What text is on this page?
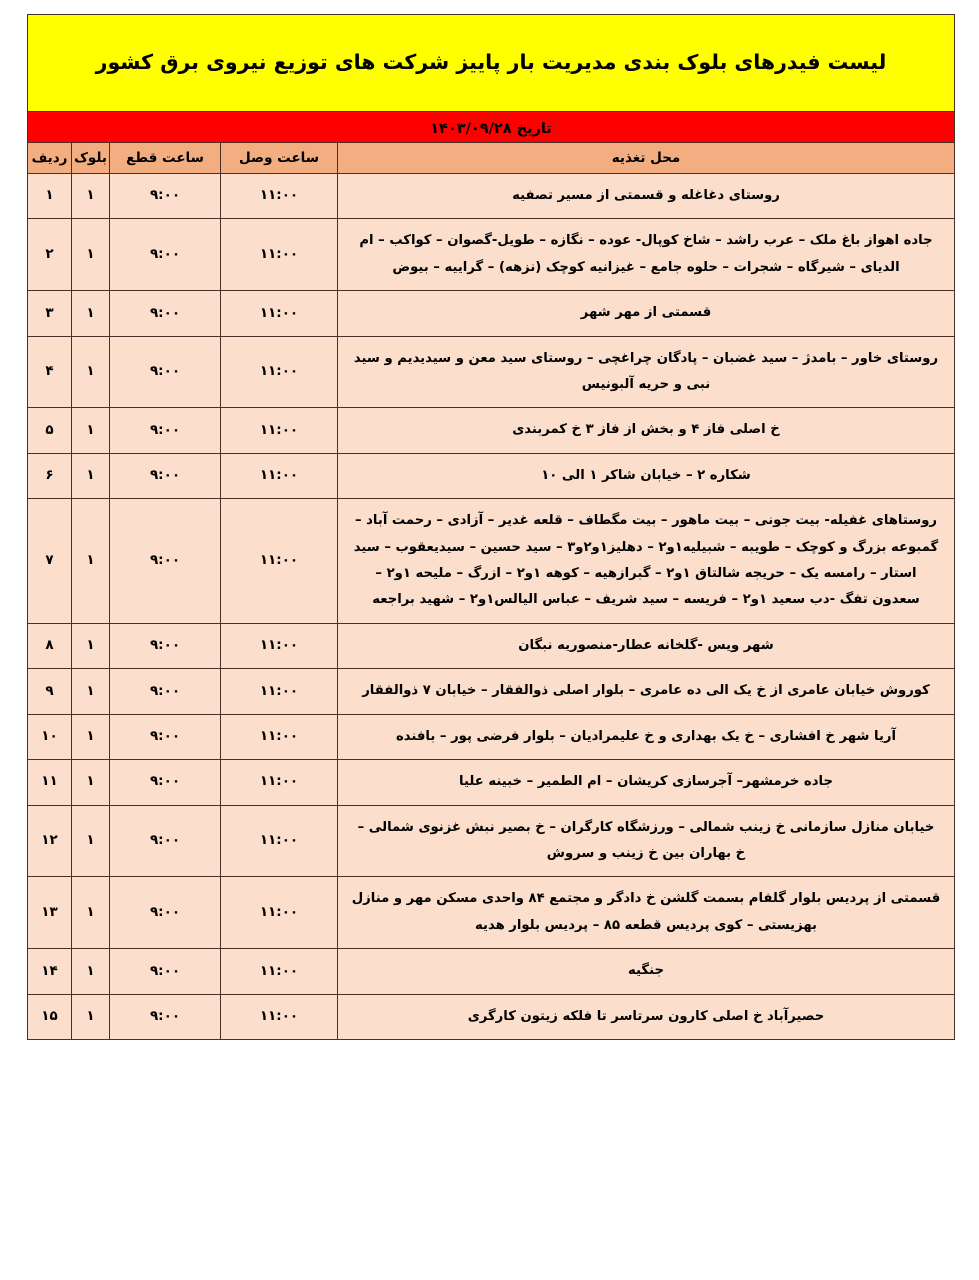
لیست فیدرهای بلوک بندی مدیریت بار پاییز شرکت های توزیع نیروی برق کشور				
تاریخ ۱۴۰۳/۰۹/۲۸				
محل تغذیه	ساعت وصل	ساعت قطع	بلوک	ردیف
روستای دغاغله و قسمتی از مسیر تصفیه	۱۱:۰۰	۹:۰۰	۱	۱
جاده اهواز باغ ملک – عرب راشد – شاخ کوپال- عوده – نگازه – طویل-گصوان – کواکب – ام الدیای – شیرگاه – شجرات – حلوه جامع – غیزانیه کوچک (نزهه) – گراییه – بیوض	۱۱:۰۰	۹:۰۰	۱	۲
قسمتی از مهر شهر	۱۱:۰۰	۹:۰۰	۱	۳
روستای خاور – بامدژ – سید غضبان – پادگان چراغچی – روستای سید معن و سیدیدیم و سید نبی و حریه آلبونیس	۱۱:۰۰	۹:۰۰	۱	۴
خ اصلی فاز ۴ و بخش از فاز ۳ خ کمربندی	۱۱:۰۰	۹:۰۰	۱	۵
شکاره ۲ – خیابان شاکر ۱ الی ۱۰	۱۱:۰۰	۹:۰۰	۱	۶
روستاهای غفیله- بیت جونی – بیت ماهور – بیت مگطاف – قلعه غدیر – آزادی – رحمت آباد – گمبوعه بزرگ و کوچک – طویبه – شبیلیه۱و۲ – دهلیز۱و۲و۳ – سید حسین – سیدیعقوب – سید استار – رامسه یک – حریجه شالتاق ۱و۲ – گبرازهیه – کوهه ۱و۲ – ازرگ – ملیحه ۱و۲ – سعدون تفگ -دب سعید ۱و۲ – فریسه – سید شریف – عباس الیالس۱و۲ – شهید براجعه	۱۱:۰۰	۹:۰۰	۱	۷
شهر ویس -گلخانه عطار-منصوریه نبگان	۱۱:۰۰	۹:۰۰	۱	۸
کوروش خیابان عامری از خ یک الی ده عامری – بلوار اصلی ذوالفقار – خیابان ۷ ذوالفقار	۱۱:۰۰	۹:۰۰	۱	۹
آریا شهر خ افشاری – خ یک بهداری و خ علیمرادیان – بلوار فرضی پور – بافنده	۱۱:۰۰	۹:۰۰	۱	۱۰
جاده خرمشهر– آجرسازی کریشان – ام الطمیر – خبینه علیا	۱۱:۰۰	۹:۰۰	۱	۱۱
خیابان منازل سازمانی خ زینب شمالی – ورزشگاه کارگران – خ بصیر نبش غزنوی شمالی – خ بهاران بین خ زینب و سروش	۱۱:۰۰	۹:۰۰	۱	۱۲
قسمتی از پردیس بلوار گلفام بسمت گلشن خ دادگر و مجتمع ۸۴ واحدی مسکن مهر و منازل بهزیستی – کوی پردیس قطعه ۸۵ – پردیس بلوار هدیه	۱۱:۰۰	۹:۰۰	۱	۱۳
جنگیه	۱۱:۰۰	۹:۰۰	۱	۱۴
حصیرآباد خ اصلی کارون سرتاسر تا فلکه زیتون کارگری	۱۱:۰۰	۹:۰۰	۱	۱۵
